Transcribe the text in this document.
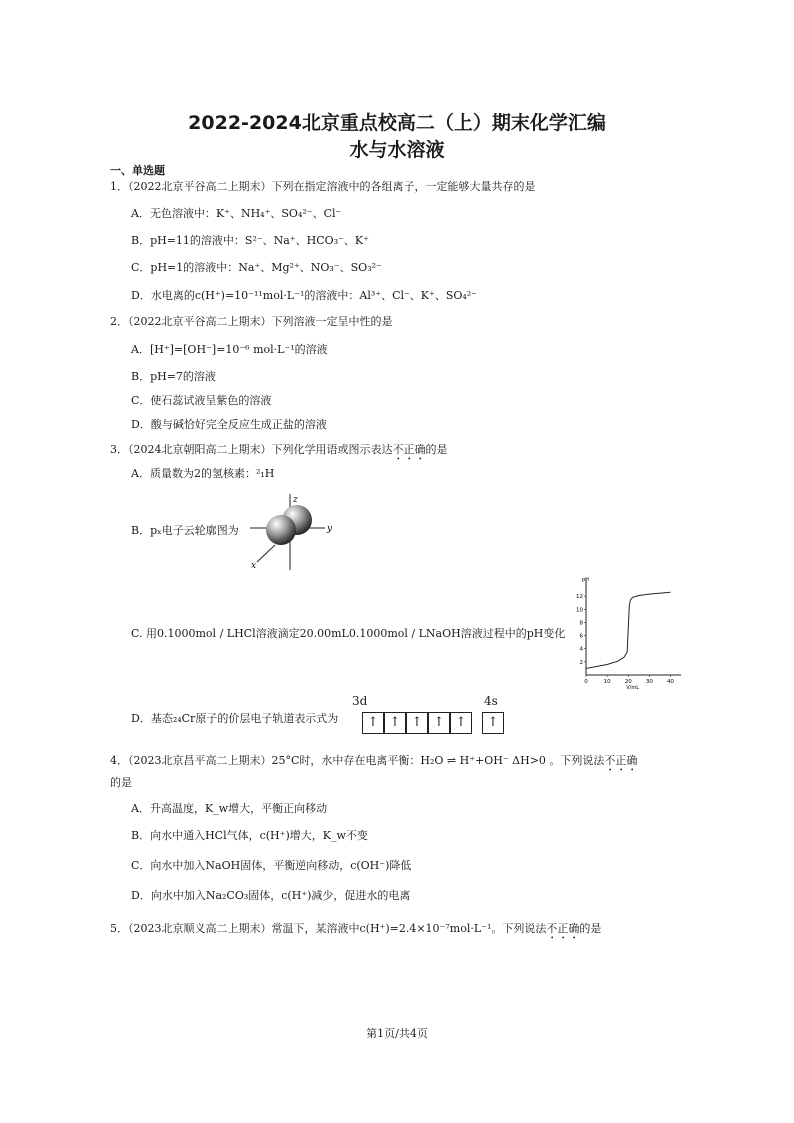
2022-2024北京重点校高二（上）期末化学汇编
水与水溶液
一、单选题
1．（2022北京平谷高二上期末）下列在指定溶液中的各组离子，一定能够大量共存的是
A．无色溶液中：K⁺、NH₄⁺、SO₄²⁻、Cl⁻
B．pH=11的溶液中：S²⁻、Na⁺、HCO₃⁻、K⁺
C．pH=1的溶液中：Na⁺、Mg²⁺、NO₃⁻、SO₃²⁻
D．水电离的c(H⁺)=10⁻¹¹mol·L⁻¹的溶液中：Al³⁺、Cl⁻、K⁺、SO₄²⁻
2．（2022北京平谷高二上期末）下列溶液一定呈中性的是
A．[H⁺]=[OH⁻]=10⁻⁶ mol·L⁻¹的溶液
B．pH=7的溶液
C．使石蕊试液呈紫色的溶液
D．酸与碱恰好完全反应生成正盐的溶液
3．（2024北京朝阳高二上期末）下列化学用语或图示表达不正确的是
A．质量数为2的氢核素：²₁H
B．pₓ电子云轮廓图为
z
y
x
C. 用0.1000mol / LHCl溶液滴定20.00mL0.1000mol / LNaOH溶液过程中的pH变化
pH
V/mL
0	10	20	30	40
2
4
6
8
10
12
D．基态₂₄Cr原子的价层电子轨道表示式为
3d	4s
↑ ↑ ↑ ↑ ↑	↑
4．（2023北京昌平高二上期末）25°C时，水中存在电离平衡：H₂O ⇌ H⁺+OH⁻ ΔH>0 。下列说法不正确
的是
A．升高温度，K_w增大，平衡正向移动
B．向水中通入HCl气体，c(H⁺)增大，K_w不变
C．向水中加入NaOH固体，平衡逆向移动，c(OH⁻)降低
D．向水中加入Na₂CO₃固体，c(H⁺)减少，促进水的电离
5．（2023北京顺义高二上期末）常温下，某溶液中c(H⁺)=2.4×10⁻⁷mol·L⁻¹。下列说法不正确的是
第1页/共4页
